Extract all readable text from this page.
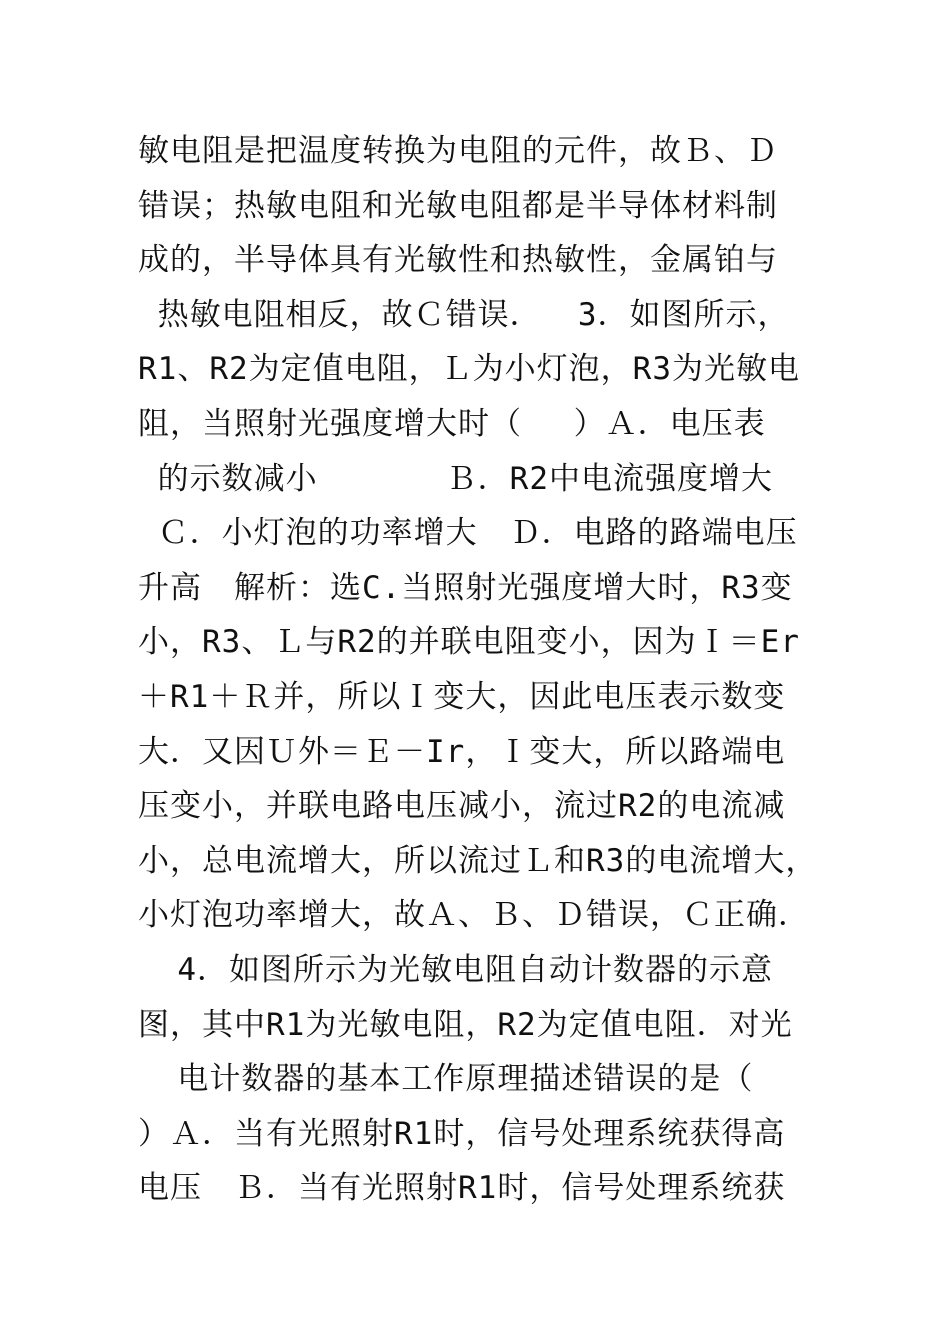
敏电阻是把温度转换为电阻的元件，故Ｂ、Ｄ
错误；热敏电阻和光敏电阻都是半导体材料制
成的，半导体具有光敏性和热敏性，金属铂与
热敏电阻相反，故Ｃ错误．　 3．如图所示，
R1、R2为定值电阻，Ｌ为小灯泡，R3为光敏电
阻，当照射光强度增大时（　 ）Ａ．电压表
的示数减小　　　　Ｂ．R2中电流强度增大
Ｃ．小灯泡的功率增大　Ｄ．电路的路端电压
升高　解析：选C.当照射光强度增大时，R3变
小，R3、Ｌ与R2的并联电阻变小，因为Ｉ＝Er
＋R1＋Ｒ并，所以Ｉ变大，因此电压表示数变
大．又因Ｕ外＝Ｅ－Ir，Ｉ变大，所以路端电
压变小，并联电路电压减小，流过R2的电流减
小，总电流增大，所以流过Ｌ和R3的电流增大，
小灯泡功率增大，故Ａ、Ｂ、Ｄ错误，Ｃ正确．
4．如图所示为光敏电阻自动计数器的示意
图，其中R1为光敏电阻，R2为定值电阻．对光
电计数器的基本工作原理描述错误的是（
）Ａ．当有光照射R1时，信号处理系统获得高
电压　Ｂ．当有光照射R1时，信号处理系统获
